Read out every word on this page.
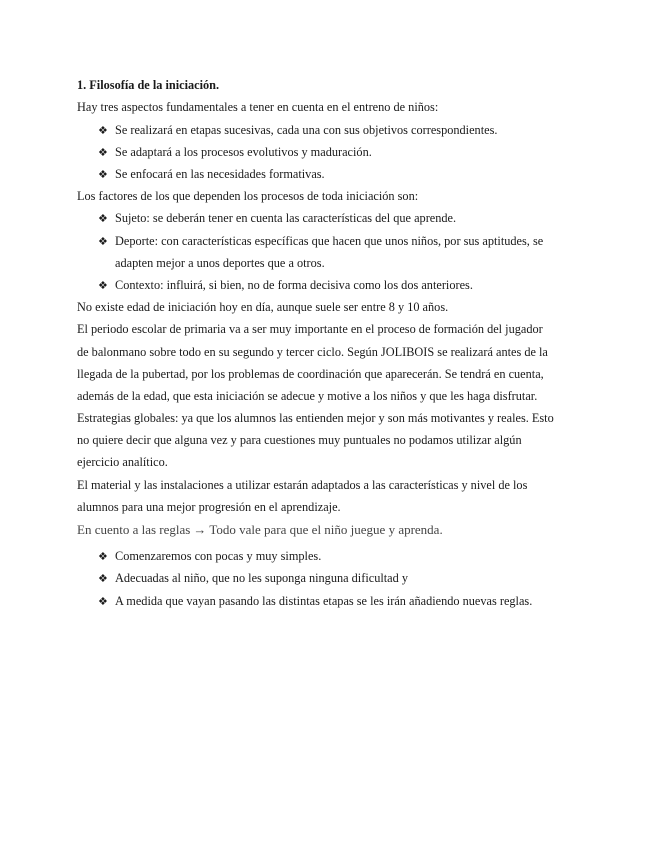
1. Filosofía de la iniciación.
Hay tres aspectos fundamentales a tener en cuenta en el entreno de niños:
❖ Se realizará en etapas sucesivas, cada una con sus objetivos correspondientes.
❖ Se adaptará a los procesos evolutivos y maduración.
❖ Se enfocará en las necesidades formativas.
Los factores de los que dependen los procesos de toda iniciación son:
❖ Sujeto: se deberán tener en cuenta las características del que aprende.
❖ Deporte: con características específicas que hacen que unos niños, por sus aptitudes, se
adapten mejor a unos deportes que a otros.
❖ Contexto: influirá, si bien, no de forma decisiva como los dos anteriores.
No existe edad de iniciación hoy en día, aunque suele ser entre 8 y 10 años.
El periodo escolar de primaria va a ser muy importante en el proceso de formación del jugador
de balonmano sobre todo en su segundo y tercer ciclo. Según JOLIBOIS se realizará antes de la
llegada de la pubertad, por los problemas de coordinación que aparecerán. Se tendrá en cuenta,
además de la edad, que esta iniciación se adecue y motive a los niños y que les haga disfrutar.
Estrategias globales: ya que los alumnos las entienden mejor y son más motivantes y reales. Esto
no quiere decir que alguna vez y para cuestiones muy puntuales no podamos utilizar algún
ejercicio analítico.
El material y las instalaciones a utilizar estarán adaptados a las características y nivel de los
alumnos para una mejor progresión en el aprendizaje.
En cuento a las reglas → Todo vale para que el niño juegue y aprenda.
❖ Comenzaremos con pocas y muy simples.
❖ Adecuadas al niño, que no les suponga ninguna dificultad y
❖ A medida que vayan pasando las distintas etapas se les irán añadiendo nuevas reglas.
